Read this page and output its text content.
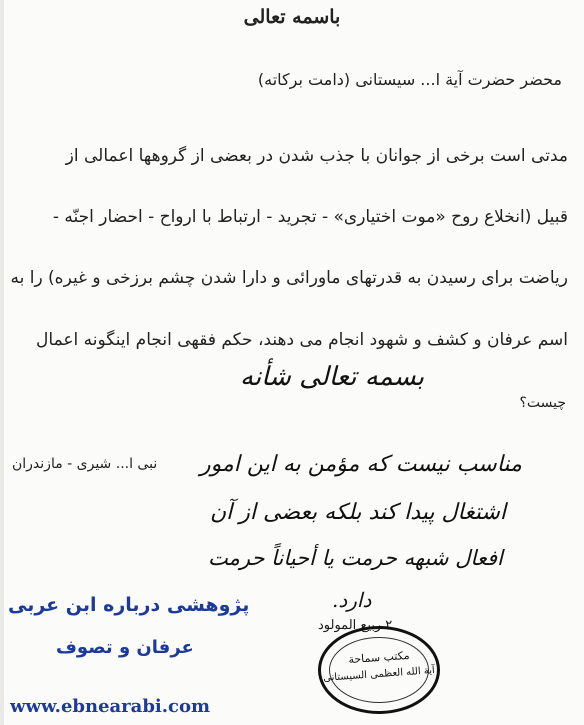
باسمه تعالی
محضر حضرت آیة ا... سیستانی (دامت برکاته)
مدتی است برخی از جوانان با جذب شدن در بعضی از گروهها اعمالی از
قبیل (انخلاع روح «موت اختیاری» - تجرید - ارتباط با ارواح - احضار اجنّه -
ریاضت برای رسیدن به قدرتهای ماورائی و دارا شدن چشم برزخی و غیره) را به
اسم عرفان و کشف و شهود انجام می دهند، حکم فقهی انجام اینگونه اعمال
چیست؟
بسمه تعالی شأنه
نبی ا... شیری - مازندران مناسب نیست که مؤمن به این امور
اشتغال پیدا کند بلکه بعضی از آن
افعال شبهه حرمت یا أحیاناً حرمت
دارد.
۲ ربیع المولود
مکتب سماحة
آیة الله العظمی السیستانی
پژوهشی درباره ابن عربی
عرفان و تصوف
www.ebnearabi.com
